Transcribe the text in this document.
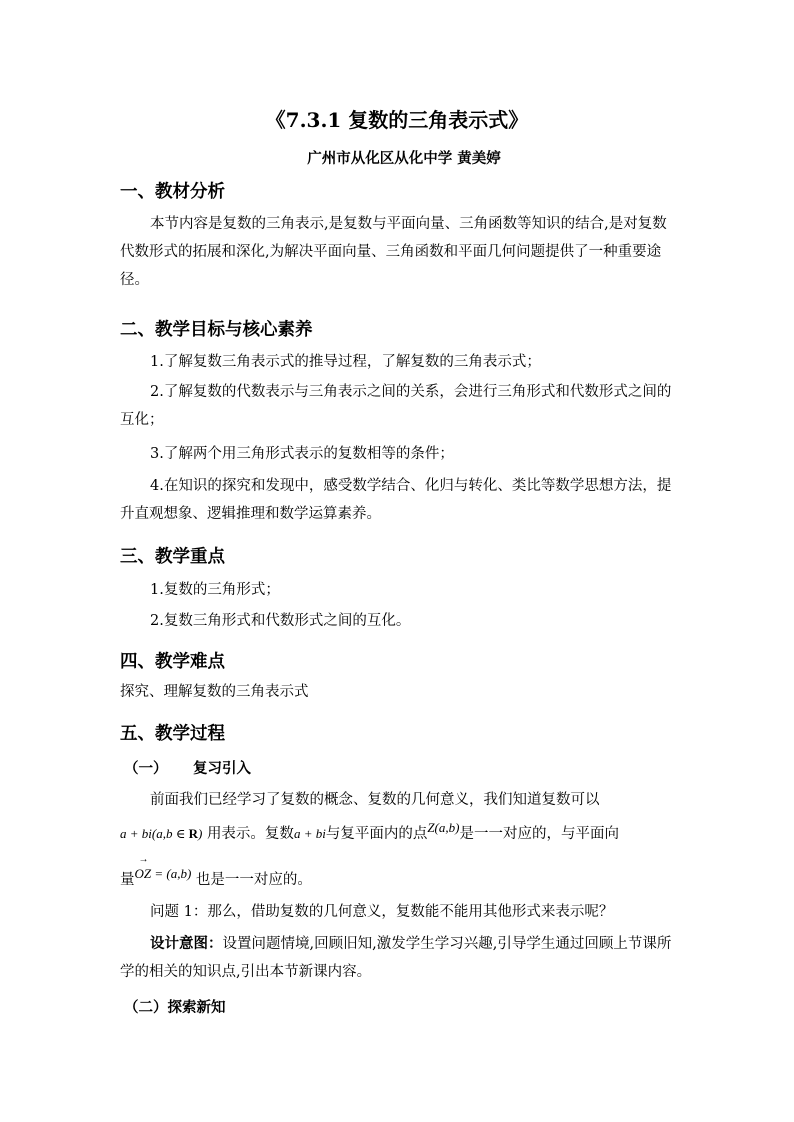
《7.3.1 复数的三角表示式》
广州市从化区从化中学 黄美婷
一、教材分析
本节内容是复数的三角表示,是复数与平面向量、三角函数等知识的结合,是对复数代数形式的拓展和深化,为解决平面向量、三角函数和平面几何问题提供了一种重要途径。
二、教学目标与核心素养
1.了解复数三角表示式的推导过程，了解复数的三角表示式；
2.了解复数的代数表示与三角表示之间的关系，会进行三角形式和代数形式之间的互化；
3.了解两个用三角形式表示的复数相等的条件；
4.在知识的探究和发现中，感受数学结合、化归与转化、类比等数学思想方法，提升直观想象、逻辑推理和数学运算素养。
三、教学重点
1.复数的三角形式；
2.复数三角形式和代数形式之间的互化。
四、教学难点
探究、理解复数的三角表示式
五、教学过程
（一） 复习引入
前面我们已经学习了复数的概念、复数的几何意义，我们知道复数可以
a + bi(a,b ∈ R) 用表示。复数a + bi与复平面内的点Z(a,b)是一一对应的，与平面向
量→ OZ = (a,b) 也是一一对应的。
问题 1：那么，借助复数的几何意义，复数能不能用其他形式来表示呢？
设计意图：设置问题情境,回顾旧知,激发学生学习兴趣,引导学生通过回顾上节课所学的相关的知识点,引出本节新课内容。
（二）探索新知
